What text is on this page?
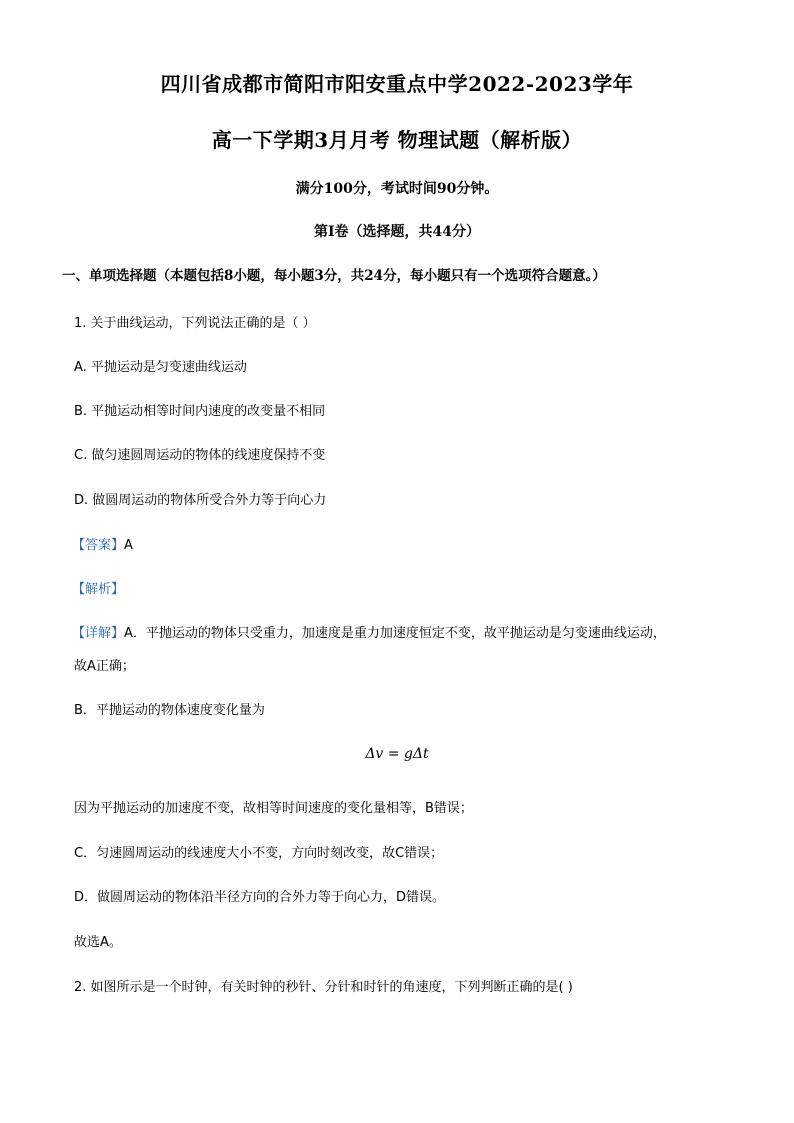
四川省成都市简阳市阳安重点中学2022-2023学年
高一下学期3月月考 物理试题（解析版）
满分100分，考试时间90分钟。
第Ⅰ卷（选择题，共44分）
一、单项选择题（本题包括8小题，每小题3分，共24分，每小题只有一个选项符合题意。）
1. 关于曲线运动，下列说法正确的是（ ）
A. 平抛运动是匀变速曲线运动
B. 平抛运动相等时间内速度的改变量不相同
C. 做匀速圆周运动的物体的线速度保持不变
D. 做圆周运动的物体所受合外力等于向心力
【答案】A
【解析】
【详解】A．平抛运动的物体只受重力，加速度是重力加速度恒定不变，故平抛运动是匀变速曲线运动，
故A正确；
B．平抛运动的物体速度变化量为
Δv = gΔt
因为平抛运动的加速度不变，故相等时间速度的变化量相等，B错误；
C．匀速圆周运动的线速度大小不变，方向时刻改变，故C错误；
D．做圆周运动的物体沿半径方向的合外力等于向心力，D错误。
故选A。
2. 如图所示是一个时钟，有关时钟的秒针、分针和时针的角速度，下列判断正确的是( )
